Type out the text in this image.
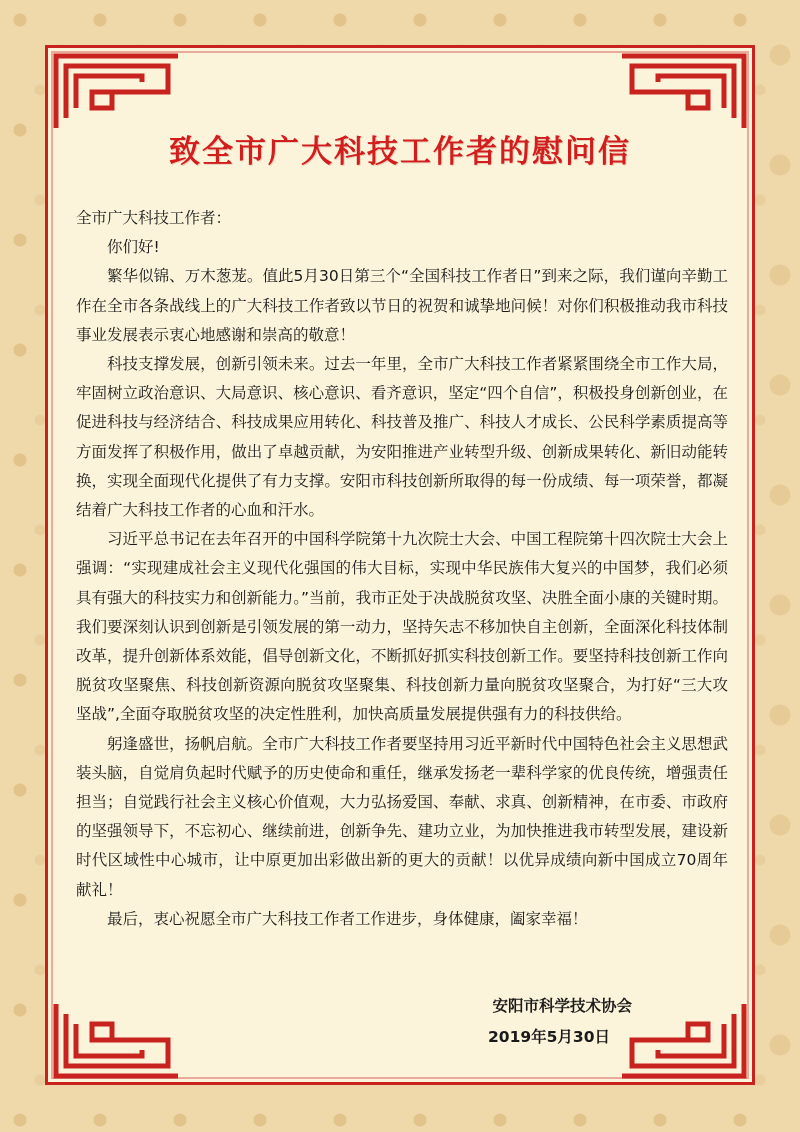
致全市广大科技工作者的慰问信

全市广大科技工作者：

你们好!

繁华似锦、万木葱茏。值此5月30日第三个“全国科技工作者日”到来之际，我们谨向辛勤工作在全市各条战线上的广大科技工作者致以节日的祝贺和诚挚地问候！对你们积极推动我市科技事业发展表示衷心地感谢和崇高的敬意！

科技支撑发展，创新引领未来。过去一年里，全市广大科技工作者紧紧围绕全市工作大局，牢固树立政治意识、大局意识、核心意识、看齐意识，坚定“四个自信”，积极投身创新创业，在促进科技与经济结合、科技成果应用转化、科技普及推广、科技人才成长、公民科学素质提高等方面发挥了积极作用，做出了卓越贡献，为安阳推进产业转型升级、创新成果转化、新旧动能转换，实现全面现代化提供了有力支撑。安阳市科技创新所取得的每一份成绩、每一项荣誉，都凝结着广大科技工作者的心血和汗水。

习近平总书记在去年召开的中国科学院第十九次院士大会、中国工程院第十四次院士大会上强调：“实现建成社会主义现代化强国的伟大目标，实现中华民族伟大复兴的中国梦，我们必须具有强大的科技实力和创新能力。”当前，我市正处于决战脱贫攻坚、决胜全面小康的关键时期。我们要深刻认识到创新是引领发展的第一动力，坚持矢志不移加快自主创新，全面深化科技体制改革，提升创新体系效能，倡导创新文化，不断抓好抓实科技创新工作。要坚持科技创新工作向脱贫攻坚聚焦、科技创新资源向脱贫攻坚聚集、科技创新力量向脱贫攻坚聚合，为打好“三大攻坚战”,全面夺取脱贫攻坚的决定性胜利，加快高质量发展提供强有力的科技供给。

躬逢盛世，扬帆启航。全市广大科技工作者要坚持用习近平新时代中国特色社会主义思想武装头脑，自觉肩负起时代赋予的历史使命和重任，继承发扬老一辈科学家的优良传统，增强责任担当；自觉践行社会主义核心价值观，大力弘扬爱国、奉献、求真、创新精神，在市委、市政府的坚强领导下，不忘初心、继续前进，创新争先、建功立业，为加快推进我市转型发展，建设新时代区域性中心城市，让中原更加出彩做出新的更大的贡献！以优异成绩向新中国成立70周年献礼！

最后，衷心祝愿全市广大科技工作者工作进步，身体健康，阖家幸福！

安阳市科学技术协会
2019年5月30日
